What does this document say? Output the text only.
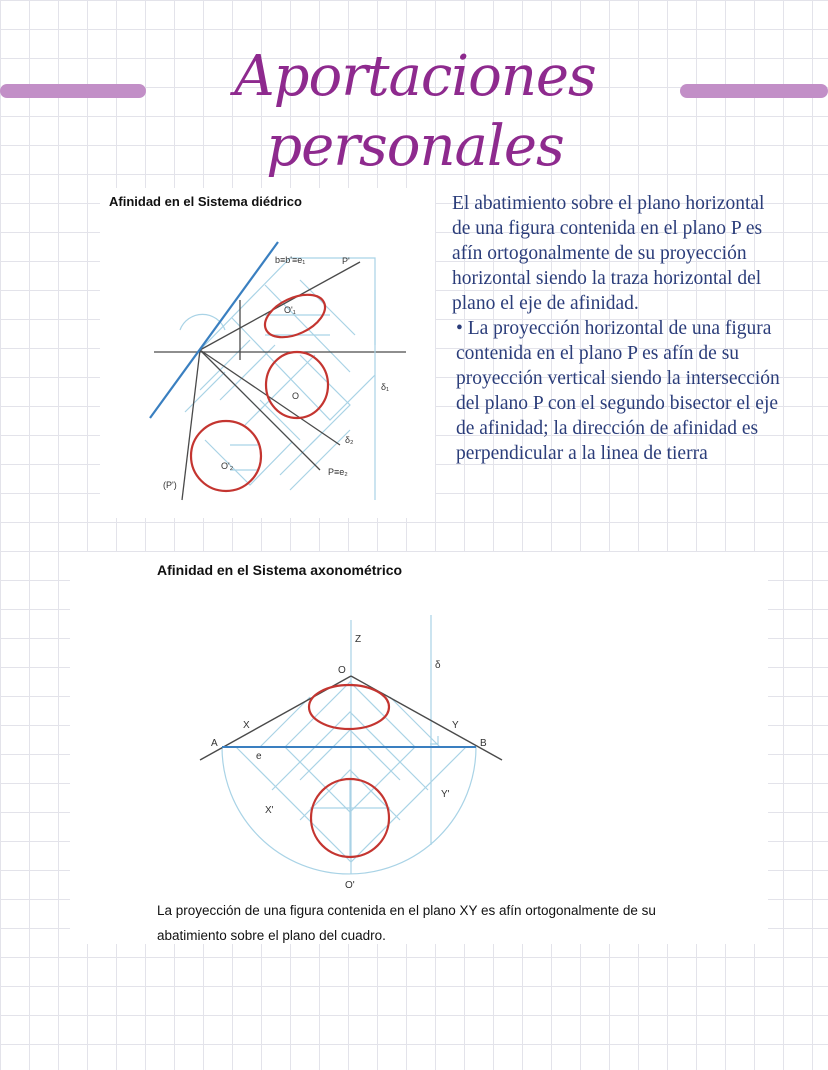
Aportaciones personales
Afinidad en el Sistema diédrico
b≡b'≡e₁	P'
O'₁
O
δ₁
δ₂
O'₂
P≡e₂
(P')

El abatimiento sobre el plano horizontal de una figura contenida en el plano P es afín ortogonalmente de su proyección horizontal siendo la traza horizontal del plano el eje de afinidad.

• La proyección horizontal de una figura contenida en el plano P es afín de su proyección vertical siendo la intersección del plano P con el segundo bisector el eje de afinidad; la dirección de afinidad es perpendicular a la linea de tierra

Afinidad en el Sistema axonométrico
Z
O	δ
X	Y
A	B
e
X'
Y'
O'

La proyección de una figura contenida en el plano XY es afín ortogonalmente de su

abatimiento sobre el plano del cuadro.
